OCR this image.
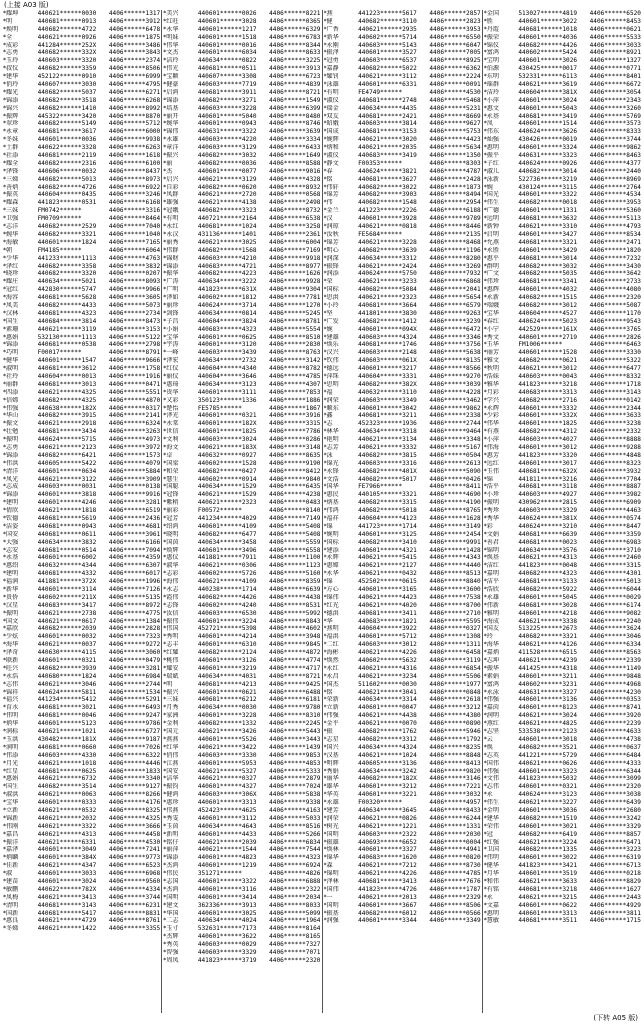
(上接 A03 版)
*耀坤	440621******0030	4406******1317
*明	440681******0913	4406******3912
*焕明	440682******4722	4406******6478
*全	440621******0926	4406******1875
*成彩	441284******252X	4406******3486
*志勇	440682******332X	4406******3843
*玉玲	440603******3320	4406******2374
*叔仪	440682******3359	4406******8506
*建华	452122******0910	4406******6999
*俏玲	440607******3030	4406******4795
*耀光	440682******5037	4406******6271
*锦添	440682******3518	4406******6268
*锦兴	440682******1410	4406******8992
*振辉	445322******3420	4406******8870
*翠珍	440682******5149	4406******5712
*永章	440681******3617	4406******6000
*冬妹	440601******0036	4406******9938
*土群	440622******3328	4406******6263
*社添	440681******2119	4406******1618
*耀全	440682******2316	4406******6100
*泽锋	440606******0032	4406******8437
*三娣	440682******5013	4406******8973
*善炳	440682******4726	4406******6922
*振英	440604******0435	4406******3246
*耀森	441823******0531	4406******6168
*三妹	FM0742******	4406******3316
*卫强	FM0709******	4406******8464
*志洋	440682******2529	4406******7040
*婉华	440682******3321	4406******1040
*海敏	440601******1824	4406******7165
*朝	FM4185******	4406******6064
*少华	441233******1113	4406******4763
*泽红	440682******3358	4406******3832
*晓珍	440682******3320	4406******0207
*耀庄	440634******5021	4406******8093
*冠红	442830******5747	4406******9966
*海容	440681******5628	4406******3605
*凤美	440682******4433	4406******5073
*汉林	440681******4323	4406******2734
*国生	440684******3814	4406******8473
*素珊	440621******3119	4406******3153
*惠娟	532130******1113	4406******5122
*锦添	440681******0538	4406******2798
*巧明	F00017******	4406******8791
*健华	440601******1547	4406******9666
*淑明	440681******3612	4406******1758
*社玲	440604******0013	4406******1916
*丽群	440681******3013	4406******0471
*四添	440621******4325	4406******5551
*信嫦	440682******4325	4406******4870
*伟强	440638******182X	4406******0317
*华山	440682******3915	4406******2141
*振文	440621******2918	4406******6324
*壮勉	440681******3434	4406******3263
*振明	440624******5715	4406******4973
*志勇	440621******2123	4406******3972
*锦添	440682******6421	4406******1573
*伟洪	440605******5422	4406******4079
*清洋	440601******0634	4406******5884
*凤光	440621******3122	4406******3909
*志成	440603******0031	4406******0138
*锦添	440601******3818	4406******9916
*建明	440601******4246	4406******3281
*倩欣	440621******1818	4406******6519
*钦德	440681******5619	4406******2436
*洁姿	440681******0943	4406******4681
*国安	440681******0611	4406******3961
*大强	440634******3832	4406******6166
*志安	440681******0514	4406******7094
*永基	440601******6002	4406******4359
*惠绍	440632******4344	4406******6307
*建明	440681******4332	4406******6017
*福润	441881******372X	4406******1996
*新华	440601******3114	4406******7126
*贵侨	440602******211X	4406******5135
*汉星	440683******3417	4406******8972
*振明	440621******2738	4406******4775
*国文	440621******0617	4406******1384
*嘉欣	440682******2039	4406******2828
*少炫	440601******0032	4406******7323
*海华	440621******0037	4406******9272
*泽奇	440630******4115	4406******3060
*联新	440601******0321	4406******0479
*旺兴	440682******3939	4406******3281
*永浩	440680******1824	4406******6984
*志伟	440621******3046	4406******2744
*锦祥	440624******5811	4406******1534
*福兴	441234******5412	4406******5291
*育水	440681******3021	4406******6493
*伟明	440681******0046	4406******9247
*炳华	440601******5123	4406******9786
*润标	440621******1021	4406******6727
*玉洪	430482******181X	4406******9187
*润明	440681******0660	4406******7026
*伟添	440603******4330	4406******6322
*月光	440621******1018	4406******4446
*红星	440681******0625	4406******1833
*惠娟	440621******6732	4406******3340
*国生	440682******3514	4406******9127
*淑洪	440621******0063	4406******8266
*宝华	440601******0333	4406******4176
*立新	440621******0532	4406******8325
*锦新	440621******2032	4406******4325
*伟刚	440621******3322	4406******3666
*嘉昌	440621******4313	4406******4458
*振洋	440621******6331	4406******4530
*嘉泽	440601******3049	4406******7241
*炳麟	440601******384X	4406******9773
*佳新	440621******4347	4406******6523
*淑	440601******3033	4406******6968
*建苗	440601******3024	4406******9560
*敏鹏	440622******782X	4406******4334
*凤梅	440621******3413	4406******3744
*清明	440681******3143	4406******6231
*国新	440681******5417	4406******8831
*惠良	440621******4729	4406******8761
*冬娣	440621******1422	4406******3355
*美兴	440601******0026	4406******8221
*红旺	440601******3028	4406******0365
*永华	440601******1217	4406******6329
*明妹	440601******1518	4406******6783
*伟华	440601******0016	4406******8344
*文杰	440601******6034	4406******8633
*洁玲	440634******0822	4406******3225
*伟光	440681******0511	4406******3913
*宝颖	440607******3308	4406******6723
*健豪	440603******7719	4406******4839
*启鸿	440681******3911	4406******8721
*锦添	440682******3271	4406******1549
*培基	440603******3228	4406******6399
*丽开	440601******5040	4406******8480
*婉华	440601******0943	4406******8746
*锦伟	440631******3322	4406******3639
*永雄	440603******4220	4406******3334
*章洋	440603******3129	4406******6433
*振兴	440682******3032	4406******1649
*丽	440682******0036	4406******8588
*杰	440601******0077	4406******9016
*启兴	440621******3129	4406******4328
*自彩	440682******0620	4406******8932
*凤群	440621******2720	4406******0568
*雄强	440621******4138	4406******2498
*冠娥	440682******3323	4406******8732
*有明	440721******2164	4406******6538
*永红	440681******1024	4406******3258
*永汉	431136******1401	4406******2361
*丽秀	440621******3025	4406******6004
*伟群	440682******1568	4406******7169
*锦财	440603******4210	4406******9918
*锦添	440683******4721	4406******8977
*振华	440682******4223	4406******1626
*广涛	440634******3222	4406******9928
*广明	441823******631X	4406******9304
*泽如	440602******1812	4406******7781
*丽珍	440624******3714	4406******1270
*剑锋	440634******0814	4406******5245
*子昌	440604******3824	4406******8781
*小娟	440683******4323	4406******5554
*宝华	440601******0625	4406******8510
*宇涛	440601******3120	4406******2830
*一峰	440603******3439	4406******8763
*泽宏	440634******2732	4406******3142
*红仪	440604******4340	4406******8782
*丽仪	440604******3646	4406******4785
*惠琦	440634******3123	4406******4307
*贵华	440601******3111	4406******7853
*又彩	350123******1336	4406******1886
*楚怡	FE5785******	4406******1867
*泽光	440601******0321	4406******3916
*永棠	440601******182X	4406******3315
*世信	440601******1825	4406******7786
*文利	440603******3024	4406******0286
*海文	440621******183X	4406******3148
*卓	440632******0927	4406******8635
*国梁	440602******1528	4406******9190
*和荣	440682******0427	4406******8412
*慧生	440602******0914	4406******9840
*国聪	440634******1529	4406******6435
*冠锋	440621******1529	4406******4238
*紫稍	440621******2323	4406******0483
*丽彩	F00572******	4406******8140
*冠芳	441234******4029	4406******7149
*绍鸿	440601******4109	4406******5408
*晓明	440682******6477	4406******5408
*国茵	440634******3458	4406******5559
*焕辉	440601******3496	4406******6558
*惠仪	441881******7911	4406******1100
*淑华	440621******0306	4406******1123
*志彩	440602******5726	4406******5160
*海伟	440621******4109	4406******8359
*永志	440238******1714	4406******6639
*霞伟	440682******4426	4406******4438
*志锋	440602******4240	4406******8531
*汝信	440603******6530	4406******5992
*振伟	440601******3224	4406******8843
*伟国	452721******5398	4406******4602
*秀明	440601******4214	4406******3948
*志丰	440601******6310	4406******9845
*红耀	440682******2124	4406******4872
*桃伟	440601******3126	4406******4774
*耀安	440601******3219	4406******4717
*瑞斌	440634******4031	4406******8721
*明	440681******4213	4406******9425
*振兴	440601******0621	4406******6488
*三妹	440681******6212	4406******6181
*月秀	440634******0030	4406******9780
*家洲	440601******3228	4406******8310
*金利	440682******1332	4406******2245
*国元	440621******3426	4406******5443
*燕燕	440601******5526	4406******3443
*红华	440621******3422	4406******1439
*俏伟	440603******3330	4406******9853
*江燕	440601******5953	4406******4853
*国安	440621******5327	4406******5333
*洁华	440621******0327	4406******2879
*振钧	440601******4327	4406******7024
*健鸿	440603******306X	4406******5838
*惠珍	440601******3313	4406******9338
*伟燕	452423******4625	4406******4163
*秀雯	440601******3112	4406******5033
*玉茵	440634******4643	4406******8516
*新明	440601******4433	4406******5266
*铭仔	440621******2039	4406******6834
*丽萍	440621******1544	4406******7544
*锦添	440601******4823	4406******4323
*杰鸿	440601******1219	4406******6924
*伟民	351271******	4406******4826
*志国	440601******3322	4406******6888
*杰鸿	440601******3116	4406******2322
*国明	440601******3414	4406******2034
*建文	362336******3913	4406******8033
*华国	440601******3025	4406******5099
*二志	440634******4024	4406******1964
*玉寸	532631******7173	4406******8164
*杰辉	440601******3622	4406******8165
*秀英	440603******0029	4406******7327
*智强	440603******3329	4406******7071
*周凤	441823******3719	4406******2320
*燕	441223******5617	4406******2857
*健	440682******3110	4406******2823
*广香	440621******2935	4406******3953
*新华	440602******5714	4406******6550
*永刚	440603******5143	4406******6047
*振泽	440601******3527	4406******7005
*冠勇	440603******6537	4406******8925
*嘉静	440682******5022	4406******6362
*耀钊	440621******3112	4406******2224
*泳雄	440601******6331	4406******0091
*有明	FE4749******	4406******4530
*淑仪	440681******2748	4406******5468
*瑞金	440634******4435	4406******5231
*双友	440681******2421	4406******8669
*昭娥	440603******3814	4406******9627
*国成	440681******3153	4406******5753
*婉辉	440621******3020	4406******4423
*炳和	440621******2035	4406******5634
*淑仪	440683******3419	4406******1350
*静文	F00353******	4406******8303
*春	440624******3821	4406******4787
*铭	440681******3627	4406******2428
*伟轩	440682******3022	4406******1873
*锦芳	440682******3903	4406******8494
*伟	440682******1548	4406******2954
*金兰	441223******2226	4406******6188
*汉	440601******3928	4406******9789
*润琼	440621******0818	4406******8446
*汝秋	FE5684******	4406******2135
*锦芳	440621******3228	4406******8468
*明心	440682******3639	4406******1196
*润深	440634******3312	4406******8280
*振锋	440621******2424	4406******3269
*润添	440624******5750	4406******7932
*荣	440621******3233	4406******6868
*国标	440682******5084	4406******2041
*思洪	440621******2323	4406******5654
*小玲	440681******3664	4406******6579
*坚	441801******3830	4406******9263
*广发	440682******1412	4406******3239
*婉	440601******094X	4406******6472
*建雄	440603******4324	4406******3346
*焕乐	440681******1746	4406******3756
*汉兴	440603******2148	4406******5638
*钦伟	440603******061X	4406******8135
*德远	440601******3217	4406******8566
*萍珠	440604******3331	4406******9270
*思明	440682******382X	4406******3039
*福	440632******3110	4406******4228
*润荣	440603******3349	4406******3462
*顺东	440601******3042	4406******9862
*鑫	440681******3211	4406******2338
*志	452323******1936	4406******2744
*林华	440634******3318	4406******9464
*艳明	440621******3134	4406******3348
*志芳	440621******3332	4406******5167
*泳	440682******3815	4406******0504
*锦光	440603******3316	4406******2613
*永锋	440682******401X	4406******5090
*文浩	440682******5017	4406******0426
*国华	FE7966******	4406******8411
*惠民	440105******3321	4406******4690
*炳基	440682******3315	4406******4190
*伟鸿	440682******5018	4406******8765
*福祥	440604******4123	4406******1628
*锦	441723******1714	4406******3149
*婉明	440601******3125	4406******2454
*国标	440682******3410	4406******9991
*建添	440601******4321	4406******1428
*永辉	440621******5415	4406******4343
*惠嫦	440621******2127	4406******4440
*永华	440621******0432	4406******8513
*锦	452502******0615	4406******8840
*方心	440601******3165	4406******3600
*锦伟	440621******4423	4406******7538
*红光	440621******4020	4406******8700
*德洪	440681******3411	4406******2710
*华	440683******1821	4406******5595
*燕明	440604******3922	4406******0327
*福洪	440601******5712	4406******1308
*二红	440603******3012	4406******1311
*海彬	440621******4226	4406******6458
*焕然	440602******5632	4406******3119
*永红	440621******4316	4406******6854
*永昌	440621******3234	4406******5506
*国杰	511602******0030	4406******1977
*铭	440621******3041	4406******0848
*荣新	440634******3314	4406******2618
*立新	440601******0047	4406******3212
*伟强	440621******4438	4406******4380
*金平	440621******0070	4406******0890
*振	440682******1762	4406******5946
*志星	440682******3312	4406******1792
*国兴	440634******4324	4406******8235
*汉基	440621******1024	4406******8848
*明辉	440605******3136	4406******8413
*秀娟	440634******3242	4406******9820
*丽华	440682******182X	4406******3146
*雄华	440601******3212	4406******7221
*华英	440601******3221	4406******3032
*永雄	F00320******	4406******4957
*建芳	440634******3645	4406******8433
*润荣	440621******0826	4406******6244
*树光	440621******1221	4406******1331
*国明	440603******2322	4406******2030
*振雄	440693******6652	4406******0004
*焕林	440601******3327	4406******4941
*锦华	440683******1620	4406******0820
*森	440621******7212	4406******8730
*锦明	440621******4226	4406******4785
*泽林	440681******3413	4406******7676
*国伟	441823******4726	4406******1787
*一	440621******2013	4406******2329
*国明	440601******3667	4406******8506
*振基	440682******6012	4406******0566
*润强	440601******3344	4406******3349
*金国	513027******4819	4406******6520
*胜	440601******3022	4406******8453
*丹霞	440681******1018	4406******0621
*振荣	440601******4036	4406******5533
*锦仪	440682******4426	4406******3033
*富鸿	440602******5424	4406******8921
*宝明	440601******3026	4406******1327
*伯源	430425******0017	4406******0771
*东明	532331******6113	4406******8401
*瑶群	440621******3619	4406******6672
*洁玲	440604******381X	4406******3054
*小萍	440601******3024	4406******2343
*惠文	440601******5043	4406******3260
*永基	440681******3419	4406******5769
*凤	440601******1514	4406******3573
*伟东	440624******3626	4406******8333
*灿强	430426******0019	4406******3744
*惠明	440601******3324	4406******9862
*振平	440631******3323	4406******8463
*子红	440624******0926	4406******4377
*淑儿	440682******3014	4406******2440
*泳新	522736******3219	4406******8969
*婉	430124******3115	4406******2764
*国光	440601******3322	4406******4534
*伟生	440682******0018	4406******3953
*广德	440601******1331	4406******5360
*远明	440681******3632	4406******5113
*新钟	440621******3310	4406******4793
*启明	440601******3427	4406******8534
*允燕	440681******3321	4406******2471
*永胜	440601******3429	4406******1820
*惠平	440681******3014	4406******7232
*群明	440682******3032	4406******3430
*广文	440682******5035	4406******3642
*伟珍	440681******3341	4406******2733
*惠辉	440601******4032	4406******4080
*永新	440682******1515	4406******2320
*瑞娥	440682******3012	4406******5087
*宝华	440604******4527	4406******1170
*春红	440624******5023	4406******9543
*小宁	442529******161X	4406******3765
*秀文	440601******2719	4406******2826
*玉华	FM1006******	4406******6463
*丽芳	440601******1528	4406******3330
*雅文	440682******0621	4406******5322
*秋明	440621******3012	4406******6477
*浩妹	440603******0043	4406******8332
*雅华	441823******3218	4406******1718
*月彩	440683******3313	4406******3143
*学兴	440682******2716	4406******0142
*永辉	440601******3332	4406******2344
*少彩	440601******332X	4406******3633
*伟华	440601******1825	4406******3238
*有燕	440682******4312	4406******2332
*小萍	440603******4027	4406******8888
*伟海	440601******3012	4406******9288
*惠芳	441823******3320	4406******4848
*远红	440601******3017	4406******8323
*玉伟	440681******632X	4406******3932
*锦	441811******3216	4406******7704
*浩平	440681******3118	4406******8887
*小珍	440603******4927	4406******3982
*振明	430962******2815	4406******6909
*秀珍	440603******3329	4406******4463
*秀华	440624******381X	4406******0574
*彩	440624******3210	4406******8447
*文娟	440681******6639	4406******3359
*善君	440681******0023	4406******6983
*锦明	440634******3576	4406******3710
*焕基	440621******4313	4406******2460
*洁红	441823******0048	4406******3315
*嘉明	440682******4323	4406******4301
*洁平	440681******3133	4406******5013
*浩欣	440682******5922	4406******6044
*永雄	440601******5045	4406******0029
*伟新	440681******3028	4406******6174
*雅明	440601******4218	4406******9082
*海成	440621******3338	4406******2240
*国友	513225******2673	4406******3624
*玲	440682******3321	4406******3046
*海华	440621******4126	4406******6334
*嘉炳	411528******6515	4406******8563
*志坤	440621******4239	4406******2339
*振华	441425******4318	4406******1149
*素娟	440601******3211	4406******9848
*富鸿	440602******3231	4406******4968
*永泳	440631******3327	4406******4230
*伟强	440601******3136	4406******0353
*嘉茵	440601******8123	4406******8741
*润明	440621******3024	4406******3920
*燕红	440621******4825	4406******2239
*志坚	533538******2123	4406******4633
*云	440601******3018	4406******4738
*焕	440682******3521	4406******0637
*志英	441221******5729	4406******6484
*国伟	440621******0626	4406******4333
*伟强	440601******3323	4406******6344
*文伟	441823******5032	4406******3099
*志伟	440601******0321	4406******2320
*永	440624******3123	4406******3038
*伟生	440621******3227	4406******6439
*金明	440601******3036	4406******2680
*建华	440682******1519	4406******3242
*荣伟	440601******3021	4406******3329
*冠	440682******6419	4406******8857
*红强	440621******3224	4406******6471
*卫国	440682******1335	4406******3223
*伟明	440601******3022	4406******6319
*健华	441823******3421	4406******6713
*月华	440601******3519	4406******0218
*和伟	440621******3633	4406******8829
*有铭	440681******3218	4406******1627
*永	440621******3215	4406******2443
*文嘉	440601******0622	4406******4929
*惠明	440601******3313	4406******3811
*慧敏	440681******3511	4406******1715
(下转 A05 版)
